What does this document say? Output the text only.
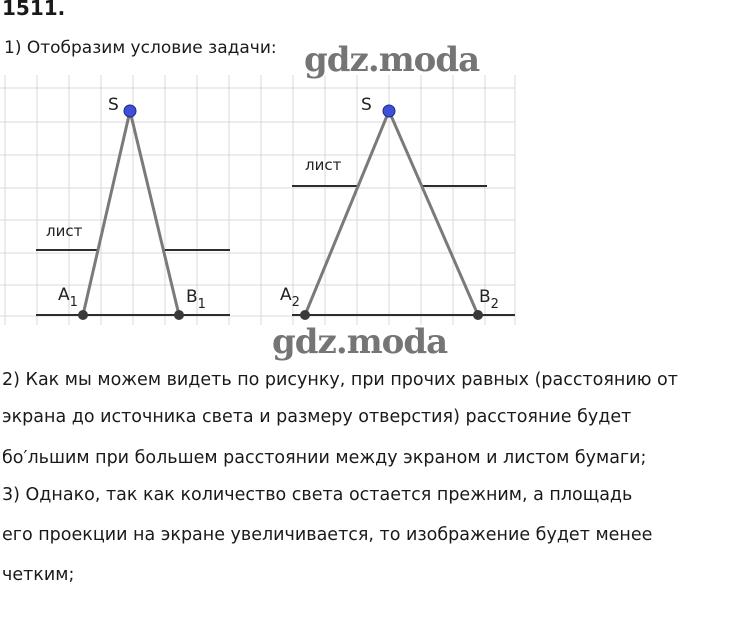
1511.
1) Отобразим условие задачи:
S
лист
$A_1$	$B_1$
S
лист
$A_2$	$B_2$
gdz.moda
gdz.moda
2) Как мы можем видеть по рисунку, при прочих равных (расстоянию от
экрана до источника света и размеру отверстия) расстояние будет
бо′льшим при большем расстоянии между экраном и листом бумаги;
3) Однако, так как количество света остается прежним, а площадь
его проекции на экране увеличивается, то изображение будет менее
четким;
